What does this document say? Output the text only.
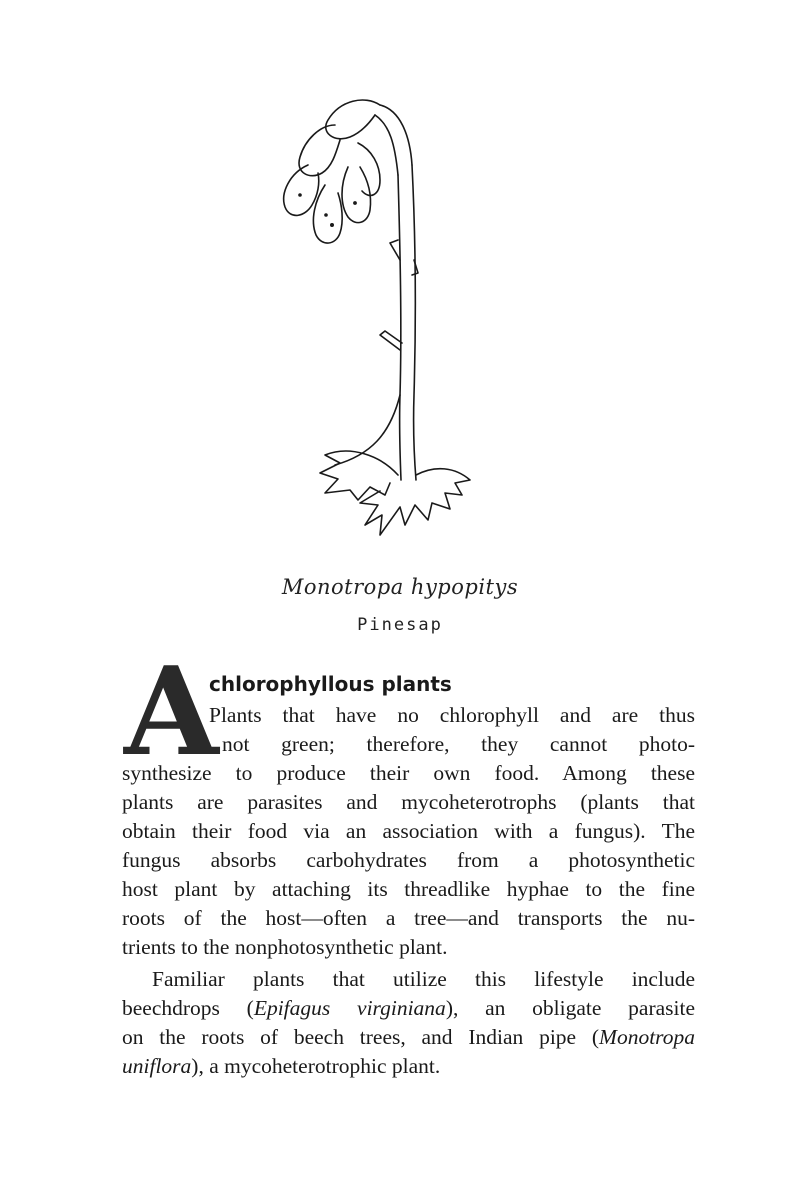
Monotropa hypopitys
Pinesap
A
chlorophyllous plants
Plants that have no chlorophyll and are thus
not green; therefore, they cannot photo-
synthesize to produce their own food. Among these
plants are parasites and mycoheterotrophs (plants that
obtain their food via an association with a fungus). The
fungus absorbs carbohydrates from a photosynthetic
host plant by attaching its threadlike hyphae to the fine
roots of the host—often a tree—and transports the nu-
trients to the nonphotosynthetic plant.
Familiar plants that utilize this lifestyle include
beechdrops (Epifagus virginiana), an obligate parasite
on the roots of beech trees, and Indian pipe (Monotropa
uniflora), a mycoheterotrophic plant.
